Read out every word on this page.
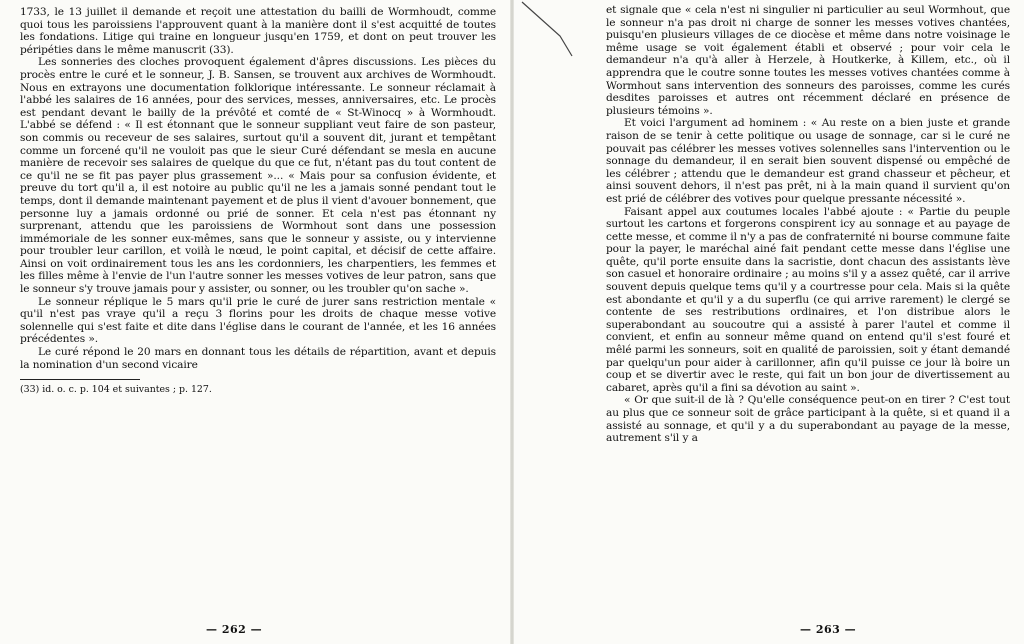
1733, le 13 juillet il demande et reçoit une attestation du bailli de Wormhoudt, comme quoi tous les paroissiens l'approuvent quant à la manière dont il s'est acquitté de toutes les fondations. Litige qui traine en longueur jusqu'en 1759, et dont on peut trouver les péripéties dans le même manuscrit (33).

Les sonneries des cloches provoquent également d'âpres discussions. Les pièces du procès entre le curé et le sonneur, J. B. Sansen, se trouvent aux archives de Wormhoudt. Nous en extrayons une documentation folklorique intéressante. Le sonneur réclamait à l'abbé les salaires de 16 années, pour des services, messes, anniversaires, etc. Le procès est pendant devant le bailly de la prévôté et comté de « St-Winocq » à Wormhoudt. L'abbé se défend : « Il est étonnant que le sonneur suppliant veut faire de son pasteur, son commis ou receveur de ses salaires, surtout qu'il a souvent dit, jurant et tempêtant comme un forcené qu'il ne vouloit pas que le sieur Curé défendant se mesla en aucune manière de recevoir ses salaires de quelque du que ce fut, n'étant pas du tout content de ce qu'il ne se fit pas payer plus grassement »... « Mais pour sa confusion évidente, et preuve du tort qu'il a, il est notoire au public qu'il ne les a jamais sonné pendant tout le temps, dont il demande maintenant payement et de plus il vient d'avouer bonnement, que personne luy a jamais ordonné ou prié de sonner. Et cela n'est pas étonnant ny surprenant, attendu que les paroissiens de Wormhout sont dans une possession immémoriale de les sonner eux-mêmes, sans que le sonneur y assiste, ou y intervienne pour troubler leur carillon, et voilà le nœud, le point capital, et décisif de cette affaire. Ainsi on voit ordinairement tous les ans les cordonniers, les charpentiers, les femmes et les filles même à l'envie de l'un l'autre sonner les messes votives de leur patron, sans que le sonneur s'y trouve jamais pour y assister, ou sonner, ou les troubler qu'on sache ».

Le sonneur réplique le 5 mars qu'il prie le curé de jurer sans restriction mentale « qu'il n'est pas vraye qu'il a reçu 3 florins pour les droits de chaque messe votive solennelle qui s'est faite et dite dans l'église dans le courant de l'année, et les 16 années précédentes ».

Le curé répond le 20 mars en donnant tous les détails de répartition, avant et depuis la nomination d'un second vicaire

(33) id. o. c. p. 104 et suivantes ; p. 127.
— 262 —

et signale que « cela n'est ni singulier ni particulier au seul Wormhout, que le sonneur n'a pas droit ni charge de sonner les messes votives chantées, puisqu'en plusieurs villages de ce diocèse et même dans notre voisinage le même usage se voit également établi et observé ; pour voir cela le demandeur n'a qu'à aller à Herzele, à Houtkerke, à Killem, etc., où il apprendra que le coutre sonne toutes les messes votives chantées comme à Wormhout sans intervention des sonneurs des paroisses, comme les curés desdites paroisses et autres ont récemment déclaré en présence de plusieurs témoins ».

Et voici l'argument ad hominem : « Au reste on a bien juste et grande raison de se tenir à cette politique ou usage de sonnage, car si le curé ne pouvait pas célébrer les messes votives solennelles sans l'intervention ou le sonnage du demandeur, il en serait bien souvent dispensé ou empêché de les célébrer ; attendu que le demandeur est grand chasseur et pêcheur, et ainsi souvent dehors, il n'est pas prêt, ni à la main quand il survient qu'on est prié de célébrer des votives pour quelque pressante nécessité ».

Faisant appel aux coutumes locales l'abbé ajoute : « Partie du peuple surtout les cartons et forgerons conspirent icy au sonnage et au payage de cette messe, et comme il n'y a pas de confraternité ni bourse commune faite pour la payer, le maréchal ainé fait pendant cette messe dans l'église une quête, qu'il porte ensuite dans la sacristie, dont chacun des assistants lève son casuel et honoraire ordinaire ; au moins s'il y a assez quêté, car il arrive souvent depuis quelque tems qu'il y a courtresse pour cela. Mais si la quête est abondante et qu'il y a du superflu (ce qui arrive rarement) le clergé se contente de ses restributions ordinaires, et l'on distribue alors le superabondant au soucoutre qui a assisté à parer l'autel et comme il convient, et enfin au sonneur même quand on entend qu'il s'est fouré et mêlé parmi les sonneurs, soit en qualité de paroissien, soit y étant demandé par quelqu'un pour aider à carillonner, afin qu'il puisse ce jour là boire un coup et se divertir avec le reste, qui fait un bon jour de divertissement au cabaret, après qu'il a fini sa dévotion au saint ».

« Or que suit-il de là ? Qu'elle conséquence peut-on en tirer ? C'est tout au plus que ce sonneur soit de grâce participant à la quête, si et quand il a assisté au sonnage, et qu'il y a du superabondant au payage de la messe, autrement s'il y a

— 263 —
